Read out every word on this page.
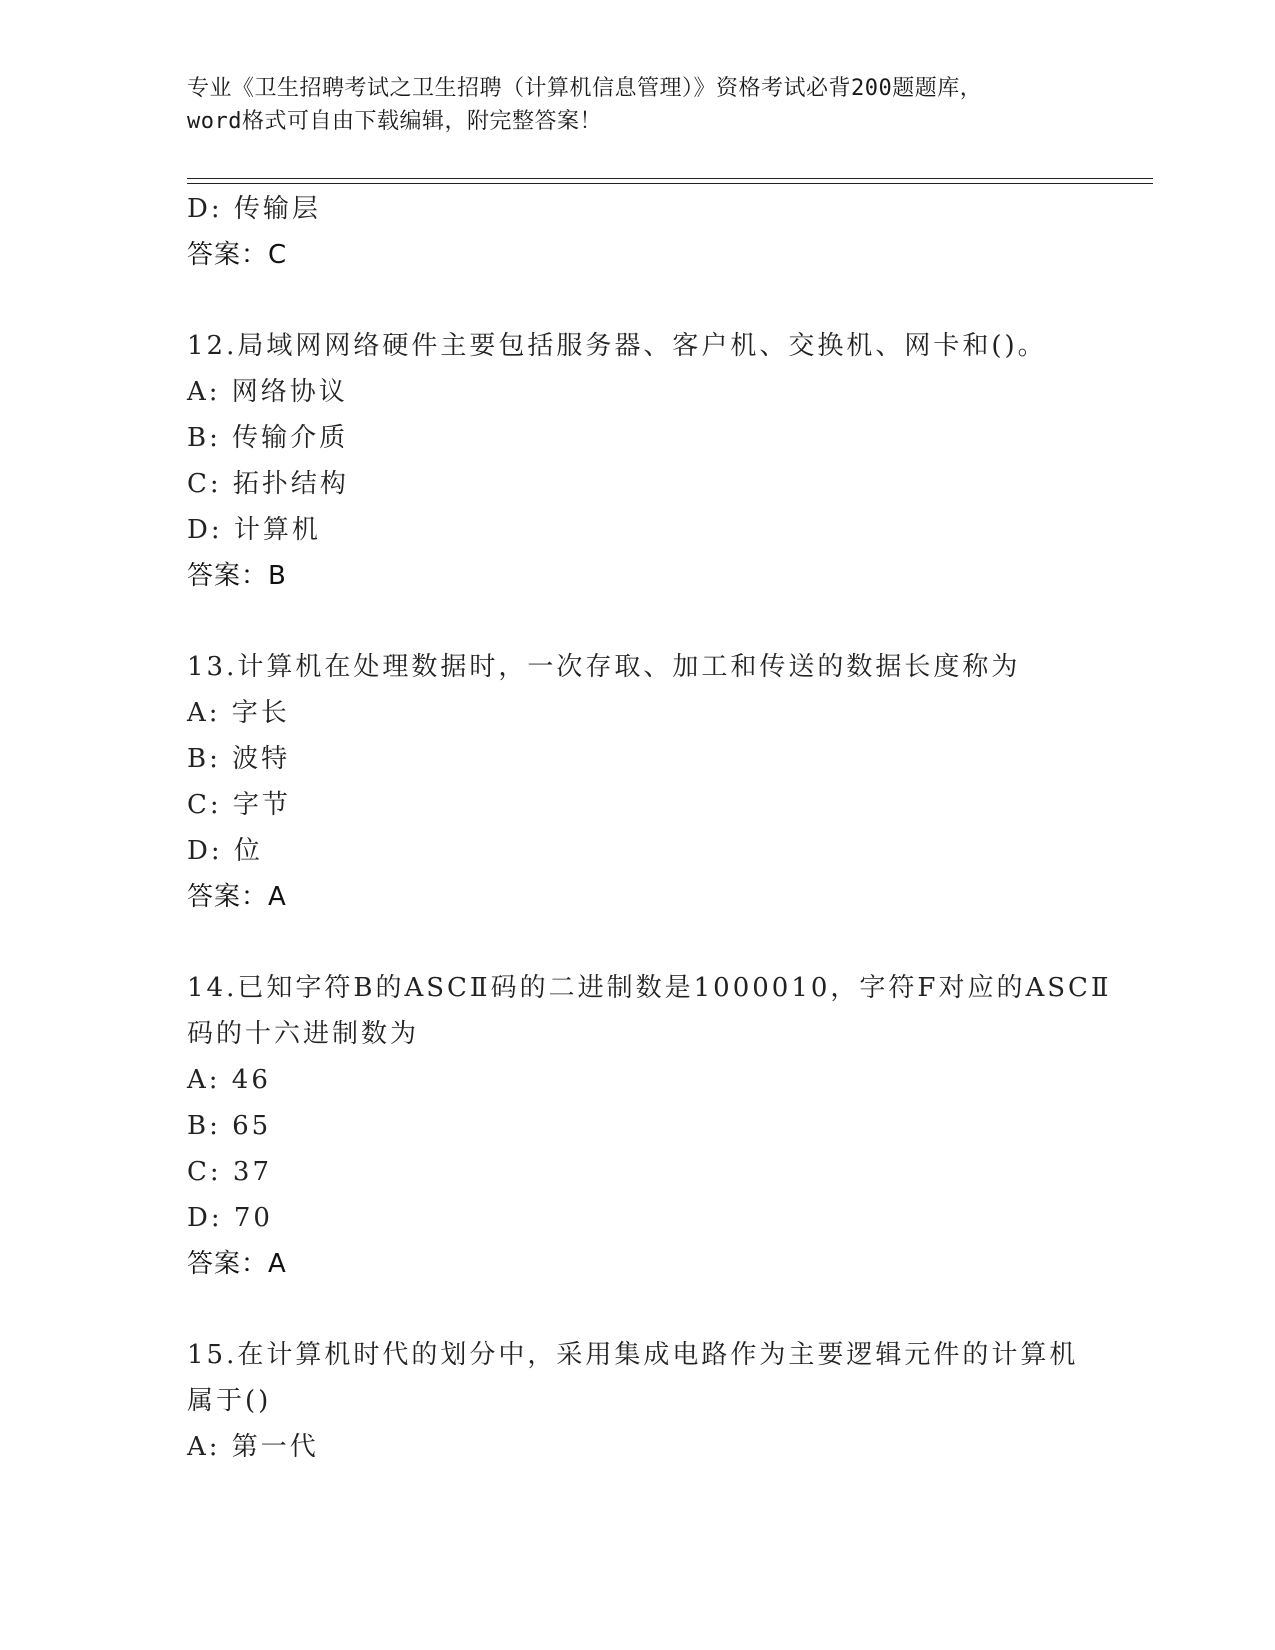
专业《卫生招聘考试之卫生招聘（计算机信息管理）》资格考试必背200题题库，
word格式可自由下载编辑，附完整答案！
D: 传输层
答案：C
12.局域网网络硬件主要包括服务器、客户机、交换机、网卡和()。
A: 网络协议
B: 传输介质
C: 拓扑结构
D: 计算机
答案：B
13.计算机在处理数据时，一次存取、加工和传送的数据长度称为
A: 字长
B: 波特
C: 字节
D: 位
答案：A
14.已知字符B的ASCⅡ码的二进制数是1000010，字符F对应的ASCⅡ
码的十六进制数为
A: 46
B: 65
C: 37
D: 70
答案：A
15.在计算机时代的划分中，采用集成电路作为主要逻辑元件的计算机
属于()
A: 第一代
